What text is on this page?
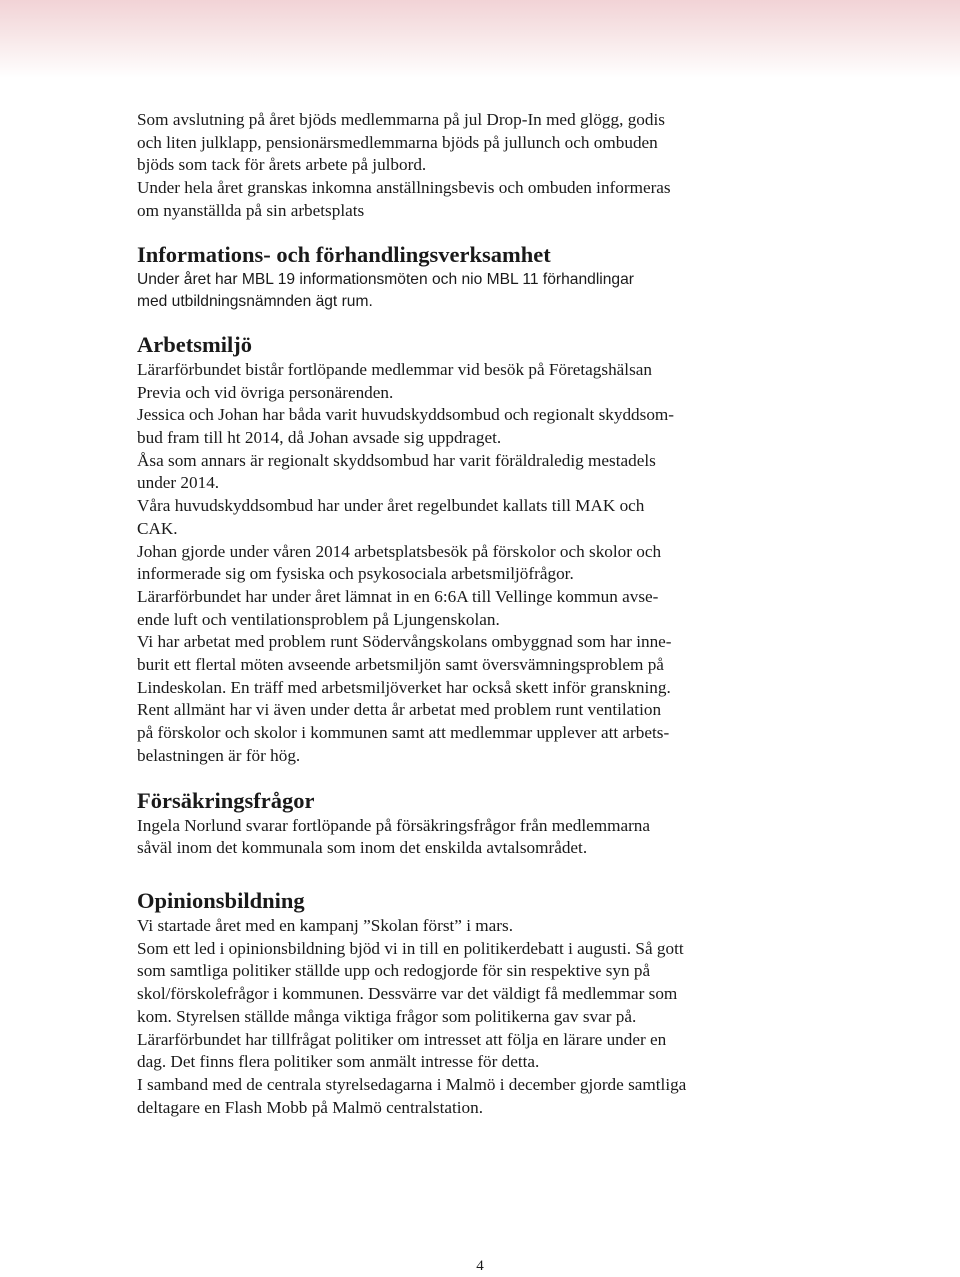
Som avslutning på året bjöds medlemmarna på jul Drop-In med glögg, godis

och liten julklapp, pensionärsmedlemmarna bjöds på jullunch och ombuden

bjöds som tack för årets arbete på julbord.

Under hela året granskas inkomna anställningsbevis och ombuden informeras

om nyanställda på sin arbetsplats

Informations- och förhandlingsverksamhet

Under året har MBL 19 informationsmöten och nio MBL 11 förhandlingar

med utbildningsnämnden ägt rum.

Arbetsmiljö

Lärarförbundet bistår fortlöpande medlemmar vid besök på Företagshälsan

Previa och vid övriga personärenden.

Jessica och Johan har båda varit huvudskyddsombud och regionalt skyddsom-

bud fram till ht 2014, då Johan avsade sig uppdraget.

Åsa som annars är regionalt skyddsombud har varit föräldraledig mestadels

under 2014.

Våra huvudskyddsombud har under året regelbundet kallats till MAK och

CAK.

Johan gjorde under våren 2014 arbetsplatsbesök på förskolor och skolor och

informerade sig om fysiska och psykosociala arbetsmiljöfrågor.

Lärarförbundet har under året lämnat in en 6:6A till Vellinge kommun avse-

ende luft och ventilationsproblem på Ljungenskolan.

Vi har arbetat med problem runt Södervångskolans ombyggnad som har inne-

burit ett flertal möten avseende arbetsmiljön samt översvämningsproblem på

Lindeskolan. En träff med arbetsmiljöverket har också skett inför granskning.

Rent allmänt har vi även under detta år arbetat med problem runt ventilation

på förskolor och skolor i kommunen samt att medlemmar upplever att arbets-

belastningen är för hög.

Försäkringsfrågor

Ingela Norlund svarar fortlöpande på försäkringsfrågor från medlemmarna

såväl inom det kommunala som inom det enskilda avtalsområdet.

Opinionsbildning

Vi startade året med en kampanj ”Skolan först” i mars.

Som ett led i opinionsbildning bjöd vi in till en politikerdebatt i augusti. Så gott

som samtliga politiker ställde upp och redogjorde för sin respektive syn på

skol/förskolefrågor i kommunen. Dessvärre var det väldigt få medlemmar som

kom. Styrelsen ställde många viktiga frågor som politikerna gav svar på.

Lärarförbundet har tillfrågat politiker om intresset att följa en lärare under en

dag. Det finns flera politiker som anmält intresse för detta.

I samband med de centrala styrelsedagarna i Malmö i december gjorde samtliga

deltagare en Flash Mobb på Malmö centralstation.

4
